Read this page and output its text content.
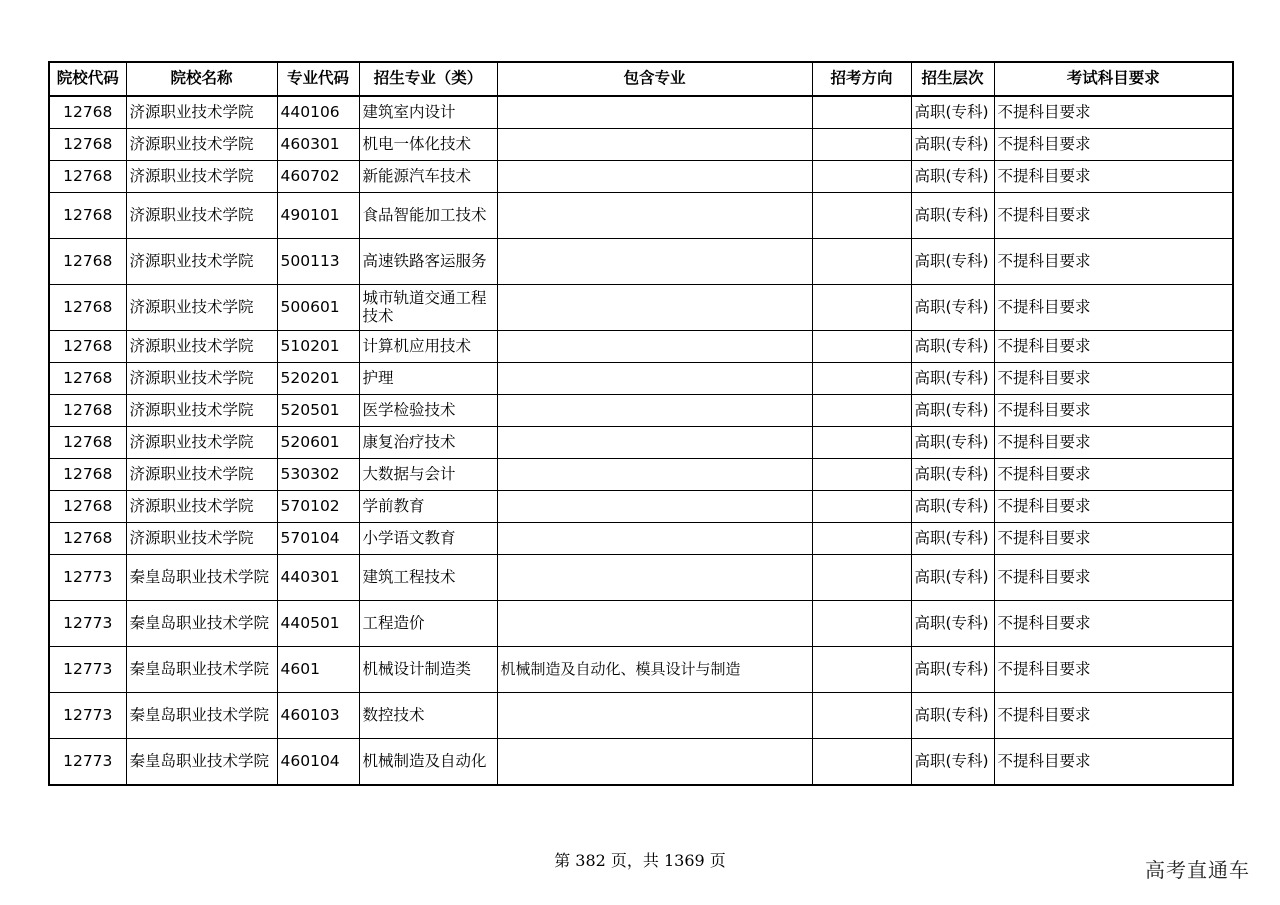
院校代码	院校名称	专业代码	招生专业（类）	包含专业	招考方向	招生层次	考试科目要求
12768	济源职业技术学院	440106	建筑室内设计			高职(专科)	不提科目要求
12768	济源职业技术学院	460301	机电一体化技术			高职(专科)	不提科目要求
12768	济源职业技术学院	460702	新能源汽车技术			高职(专科)	不提科目要求
12768	济源职业技术学院	490101	食品智能加工技术			高职(专科)	不提科目要求
12768	济源职业技术学院	500113	高速铁路客运服务			高职(专科)	不提科目要求
12768	济源职业技术学院	500601	城市轨道交通工程技术			高职(专科)	不提科目要求
12768	济源职业技术学院	510201	计算机应用技术			高职(专科)	不提科目要求
12768	济源职业技术学院	520201	护理			高职(专科)	不提科目要求
12768	济源职业技术学院	520501	医学检验技术			高职(专科)	不提科目要求
12768	济源职业技术学院	520601	康复治疗技术			高职(专科)	不提科目要求
12768	济源职业技术学院	530302	大数据与会计			高职(专科)	不提科目要求
12768	济源职业技术学院	570102	学前教育			高职(专科)	不提科目要求
12768	济源职业技术学院	570104	小学语文教育			高职(专科)	不提科目要求
12773	秦皇岛职业技术学院	440301	建筑工程技术			高职(专科)	不提科目要求
12773	秦皇岛职业技术学院	440501	工程造价			高职(专科)	不提科目要求
12773	秦皇岛职业技术学院	4601	机械设计制造类	机械制造及自动化、模具设计与制造		高职(专科)	不提科目要求
12773	秦皇岛职业技术学院	460103	数控技术			高职(专科)	不提科目要求
12773	秦皇岛职业技术学院	460104	机械制造及自动化			高职(专科)	不提科目要求
第 382 页，共 1369 页	高考直通车
